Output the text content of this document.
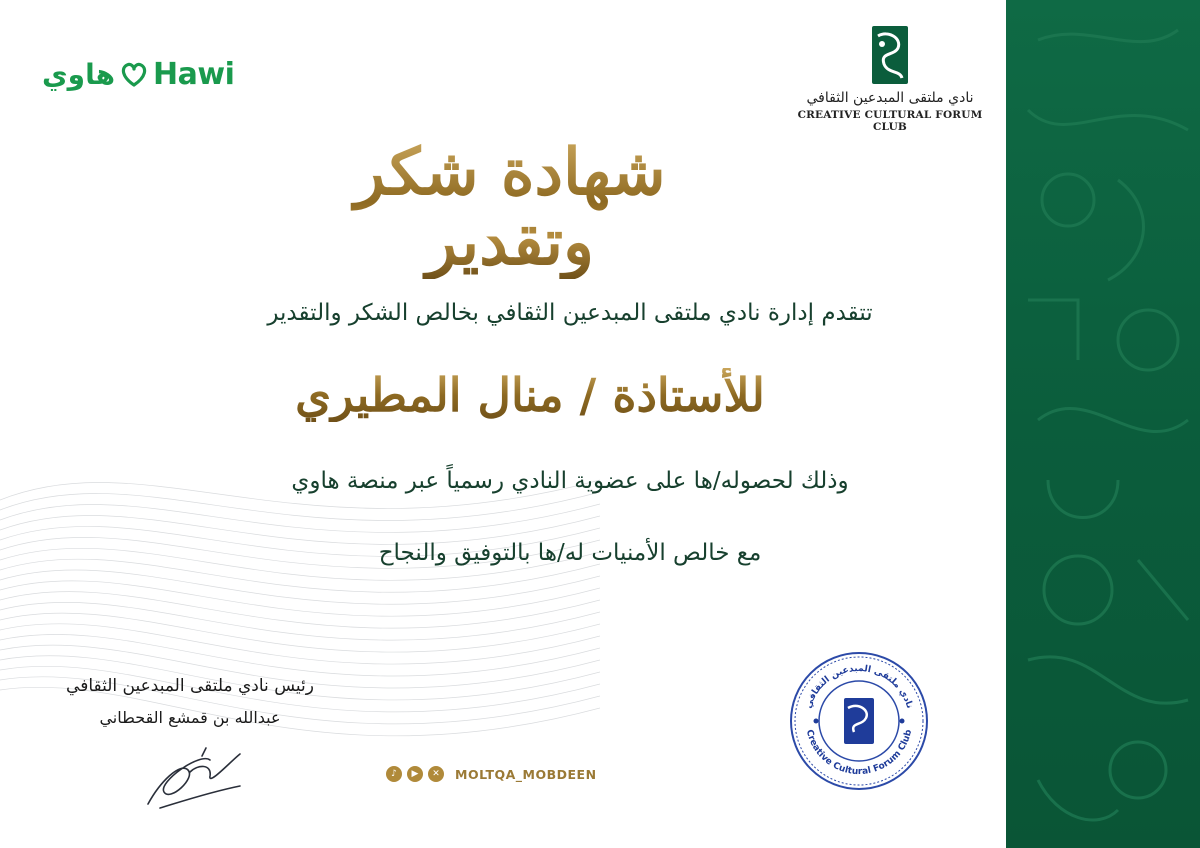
هاوي Hawi
نادي ملتقى المبدعين الثقافي
CREATIVE CULTURAL FORUM CLUB
شهادة شكر وتقدير
تتقدم إدارة نادي ملتقى المبدعين الثقافي بخالص الشكر والتقدير
للأستاذة / منال المطيري
وذلك لحصوله/ها على عضوية النادي رسمياً عبر منصة هاوي
مع خالص الأمنيات له/ها بالتوفيق والنجاح
رئيس نادي ملتقى المبدعين الثقافي
عبدالله بن قمشع القحطاني
♪	▶	✕	MOLTQA_MOBDEEN
نادي ملتقى المبدعين الثقافي
Creative Cultural Forum Club
